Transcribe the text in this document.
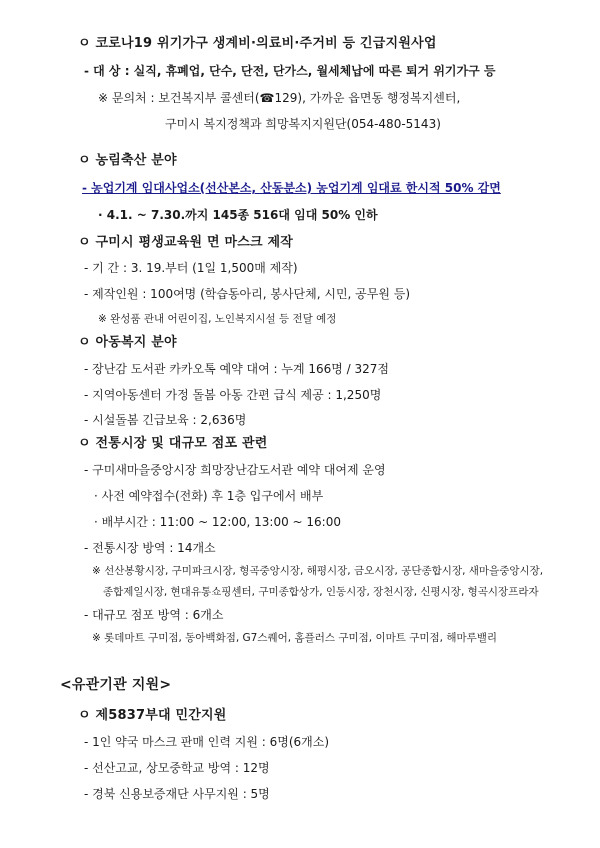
ㅇ 코로나19 위기가구 생계비·의료비·주거비 등 긴급지원사업
- 대 상 : 실직, 휴폐업, 단수, 단전, 단가스, 월세체납에 따른 퇴거 위기가구 등
※ 문의처 : 보건복지부 콜센터(☎129), 가까운 읍면동 행정복지센터,
구미시 복지정책과 희망복지지원단(054-480-5143)
ㅇ 농림축산 분야
- 농업기계 임대사업소(선산본소, 산동분소) 농업기계 임대료 한시적 50% 감면
· 4.1. ~ 7.30.까지 145종 516대 임대 50% 인하
ㅇ 구미시 평생교육원 면 마스크 제작
- 기 간 : 3. 19.부터 (1일 1,500매 제작)
- 제작인원 : 100여명 (학습동아리, 봉사단체, 시민, 공무원 등)
※ 완성품 관내 어린이집, 노인복지시설 등 전달 예정
ㅇ 아동복지 분야
- 장난감 도서관 카카오톡 예약 대여 : 누계 166명 / 327점
- 지역아동센터 가정 돌봄 아동 간편 급식 제공 : 1,250명
- 시설돌봄 긴급보육 : 2,636명
ㅇ 전통시장 및 대규모 점포 관련
- 구미새마을중앙시장 희망장난감도서관 예약 대여제 운영
· 사전 예약접수(전화) 후 1층 입구에서 배부
· 배부시간 : 11:00 ~ 12:00, 13:00 ~ 16:00
- 전통시장 방역 : 14개소
※ 선산봉황시장, 구미파크시장, 형곡중앙시장, 해평시장, 금오시장, 공단종합시장, 새마을중앙시장,
종합제일시장, 현대유통쇼핑센터, 구미종합상가, 인동시장, 장천시장, 신평시장, 형곡시장프라자
- 대규모 점포 방역 : 6개소
※ 롯데마트 구미점, 동아백화점, G7스퀘어, 홈플러스 구미점, 이마트 구미점, 해마루밸리
<유관기관 지원>
ㅇ 제5837부대 민간지원
- 1인 약국 마스크 판매 인력 지원 : 6명(6개소)
- 선산고교, 상모중학교 방역 : 12명
- 경북 신용보증재단 사무지원 : 5명
